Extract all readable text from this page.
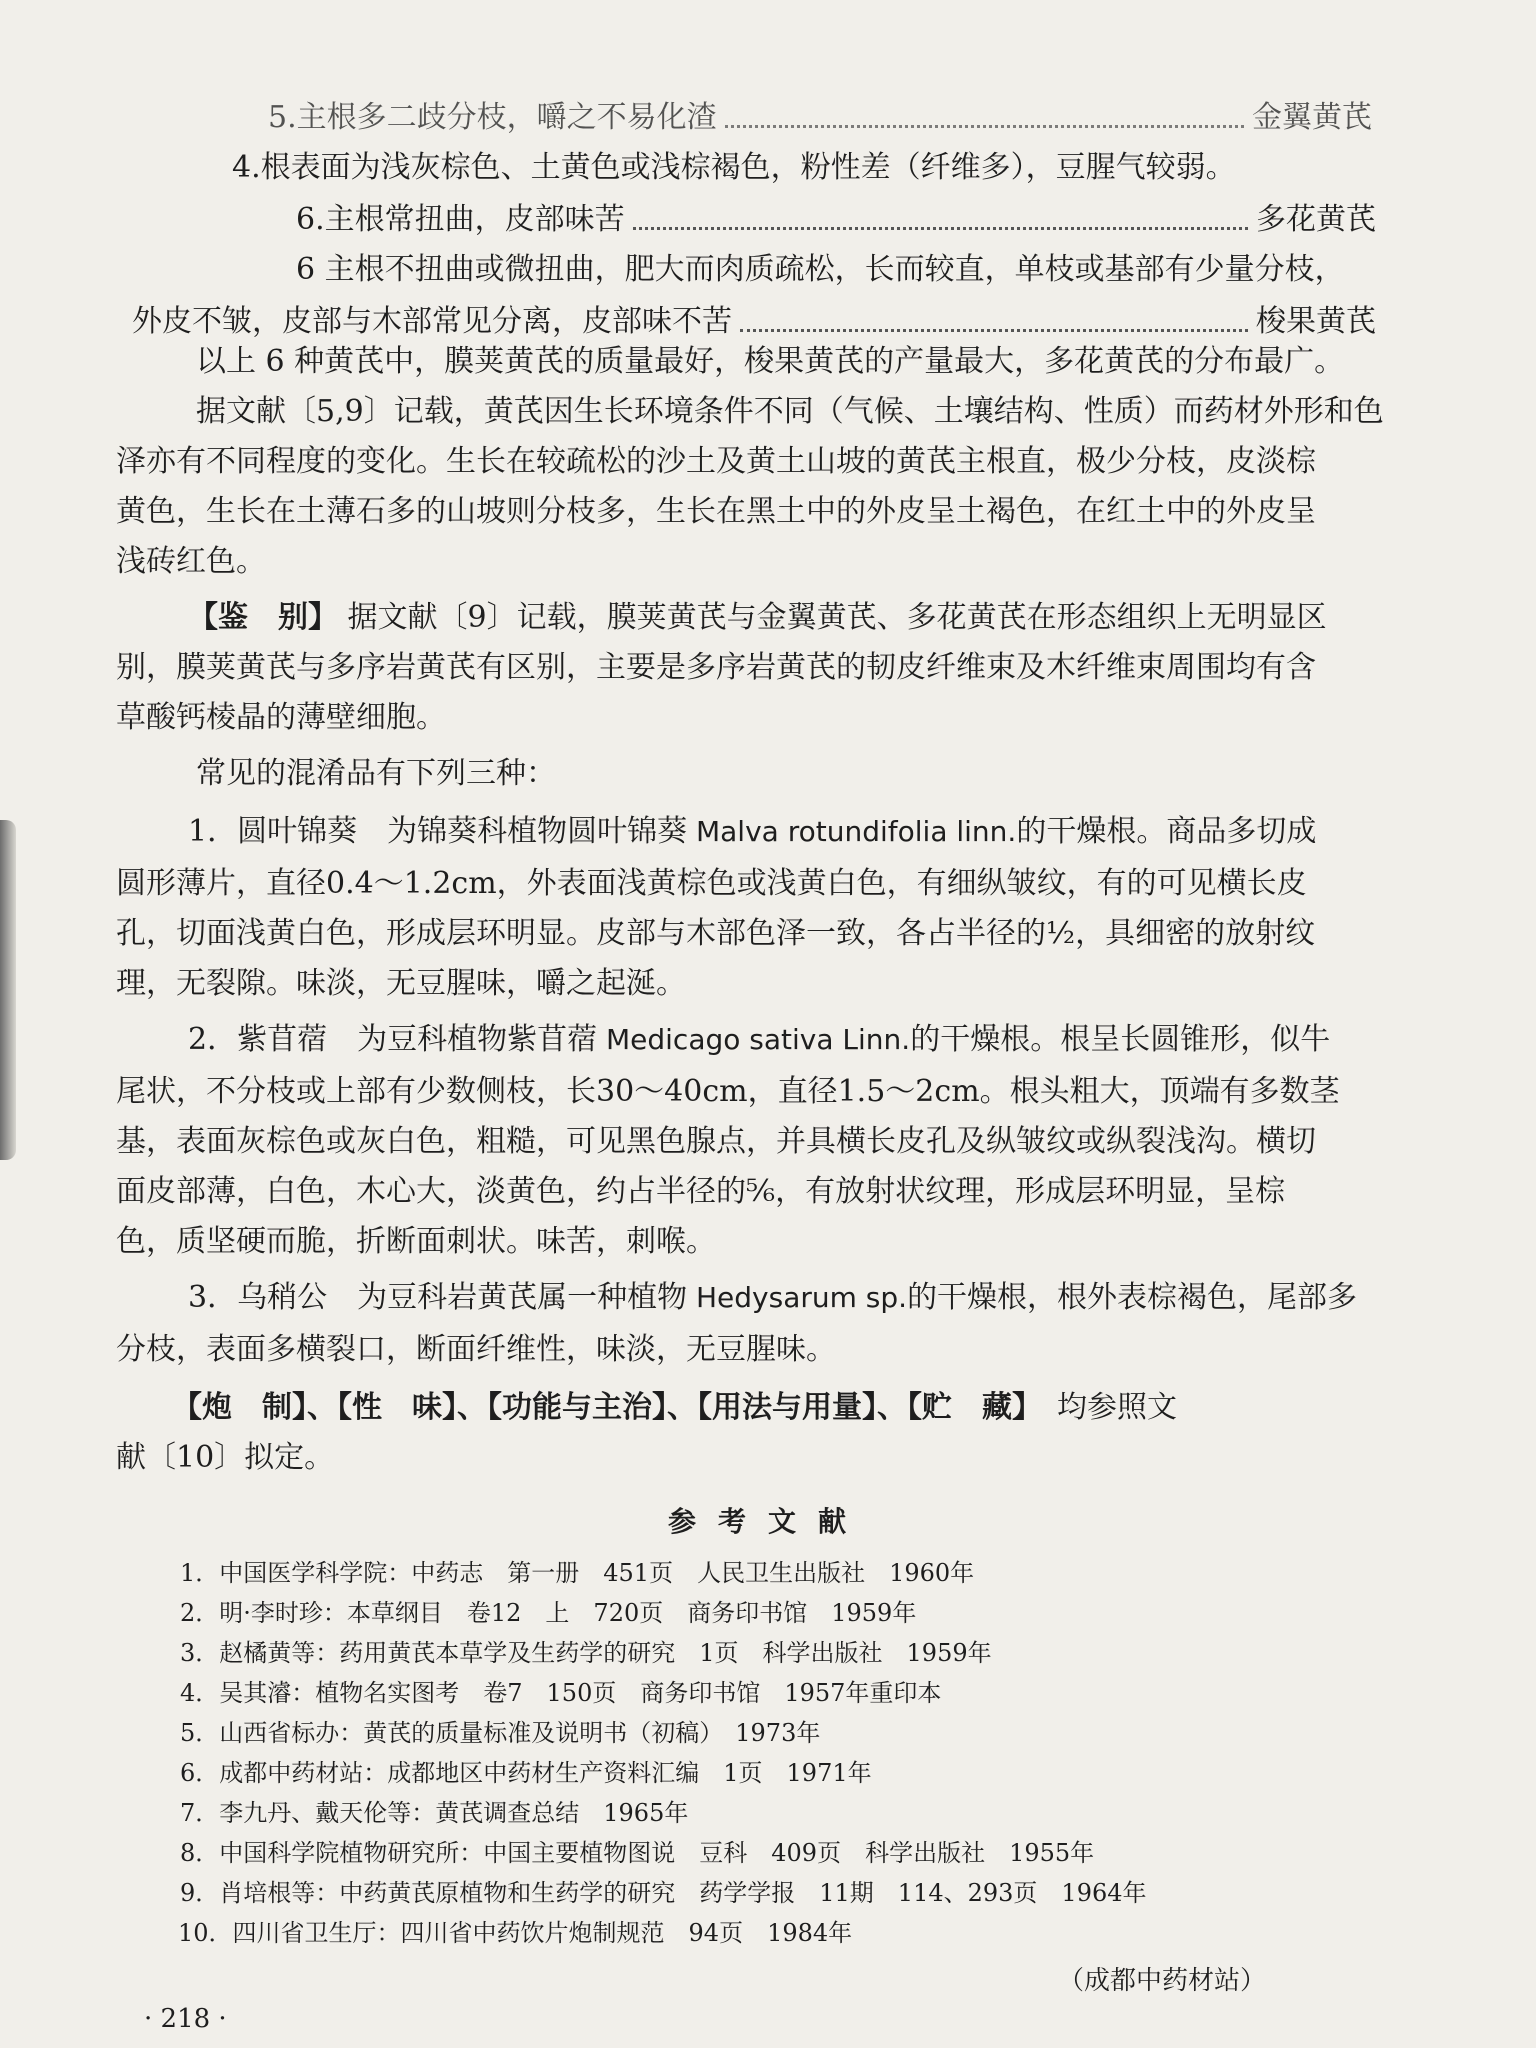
5.主根多二歧分枝，嚼之不易化渣	金翼黄芪
4.根表面为浅灰棕色、土黄色或浅棕褐色，粉性差（纤维多），豆腥气较弱。
6.主根常扭曲，皮部味苦	多花黄芪
6 主根不扭曲或微扭曲，肥大而肉质疏松，长而较直，单枝或基部有少量分枝，
外皮不皱，皮部与木部常见分离，皮部味不苦	梭果黄芪
以上 6 种黄芪中，膜荚黄芪的质量最好，梭果黄芪的产量最大，多花黄芪的分布最广。
据文献〔5,9〕记载，黄芪因生长环境条件不同（气候、土壤结构、性质）而药材外形和色
泽亦有不同程度的变化。生长在较疏松的沙土及黄土山坡的黄芪主根直，极少分枝，皮淡棕
黄色，生长在土薄石多的山坡则分枝多，生长在黑土中的外皮呈土褐色，在红土中的外皮呈
浅砖红色。
【鉴　别】 据文献〔9〕记载，膜荚黄芪与金翼黄芪、多花黄芪在形态组织上无明显区
别，膜荚黄芪与多序岩黄芪有区别，主要是多序岩黄芪的韧皮纤维束及木纤维束周围均有含
草酸钙棱晶的薄壁细胞。
常见的混淆品有下列三种：
1．圆叶锦葵　为锦葵科植物圆叶锦葵 Malva rotundifolia linn.的干燥根。商品多切成
圆形薄片，直径0.4～1.2cm，外表面浅黄棕色或浅黄白色，有细纵皱纹，有的可见横长皮
孔，切面浅黄白色，形成层环明显。皮部与木部色泽一致，各占半径的½，具细密的放射纹
理，无裂隙。味淡，无豆腥味，嚼之起涎。
2．紫苜蓿　为豆科植物紫苜蓿 Medicago sativa Linn.的干燥根。根呈长圆锥形，似牛
尾状，不分枝或上部有少数侧枝，长30～40cm，直径1.5～2cm。根头粗大，顶端有多数茎
基，表面灰棕色或灰白色，粗糙，可见黑色腺点，并具横长皮孔及纵皱纹或纵裂浅沟。横切
面皮部薄，白色，木心大，淡黄色，约占半径的⅚，有放射状纹理，形成层环明显，呈棕
色，质坚硬而脆，折断面刺状。味苦，刺喉。
3．乌稍公　为豆科岩黄芪属一种植物 Hedysarum sp.的干燥根，根外表棕褐色，尾部多
分枝，表面多横裂口，断面纤维性，味淡，无豆腥味。
【炮　制】、【性　味】、【功能与主治】、【用法与用量】、【贮　藏】　均参照文
献〔10〕拟定。
参考文献
1．中国医学科学院：中药志　第一册　451页　人民卫生出版社　1960年
2．明·李时珍：本草纲目　卷12　上　720页　商务印书馆　1959年
3．赵橘黄等：药用黄芪本草学及生药学的研究　1页　科学出版社　1959年
4．吴其濬：植物名实图考　卷7　150页　商务印书馆　1957年重印本
5．山西省标办：黄芪的质量标准及说明书（初稿）　1973年
6．成都中药材站：成都地区中药材生产资料汇编　1页　1971年
7．李九丹、戴天伦等：黄芪调查总结　1965年
8．中国科学院植物研究所：中国主要植物图说　豆科　409页　科学出版社　1955年
9．肖培根等：中药黄芪原植物和生药学的研究　药学学报　11期　114、293页　1964年
10．四川省卫生厅：四川省中药饮片炮制规范　94页　1984年
（成都中药材站）
· 218 ·
